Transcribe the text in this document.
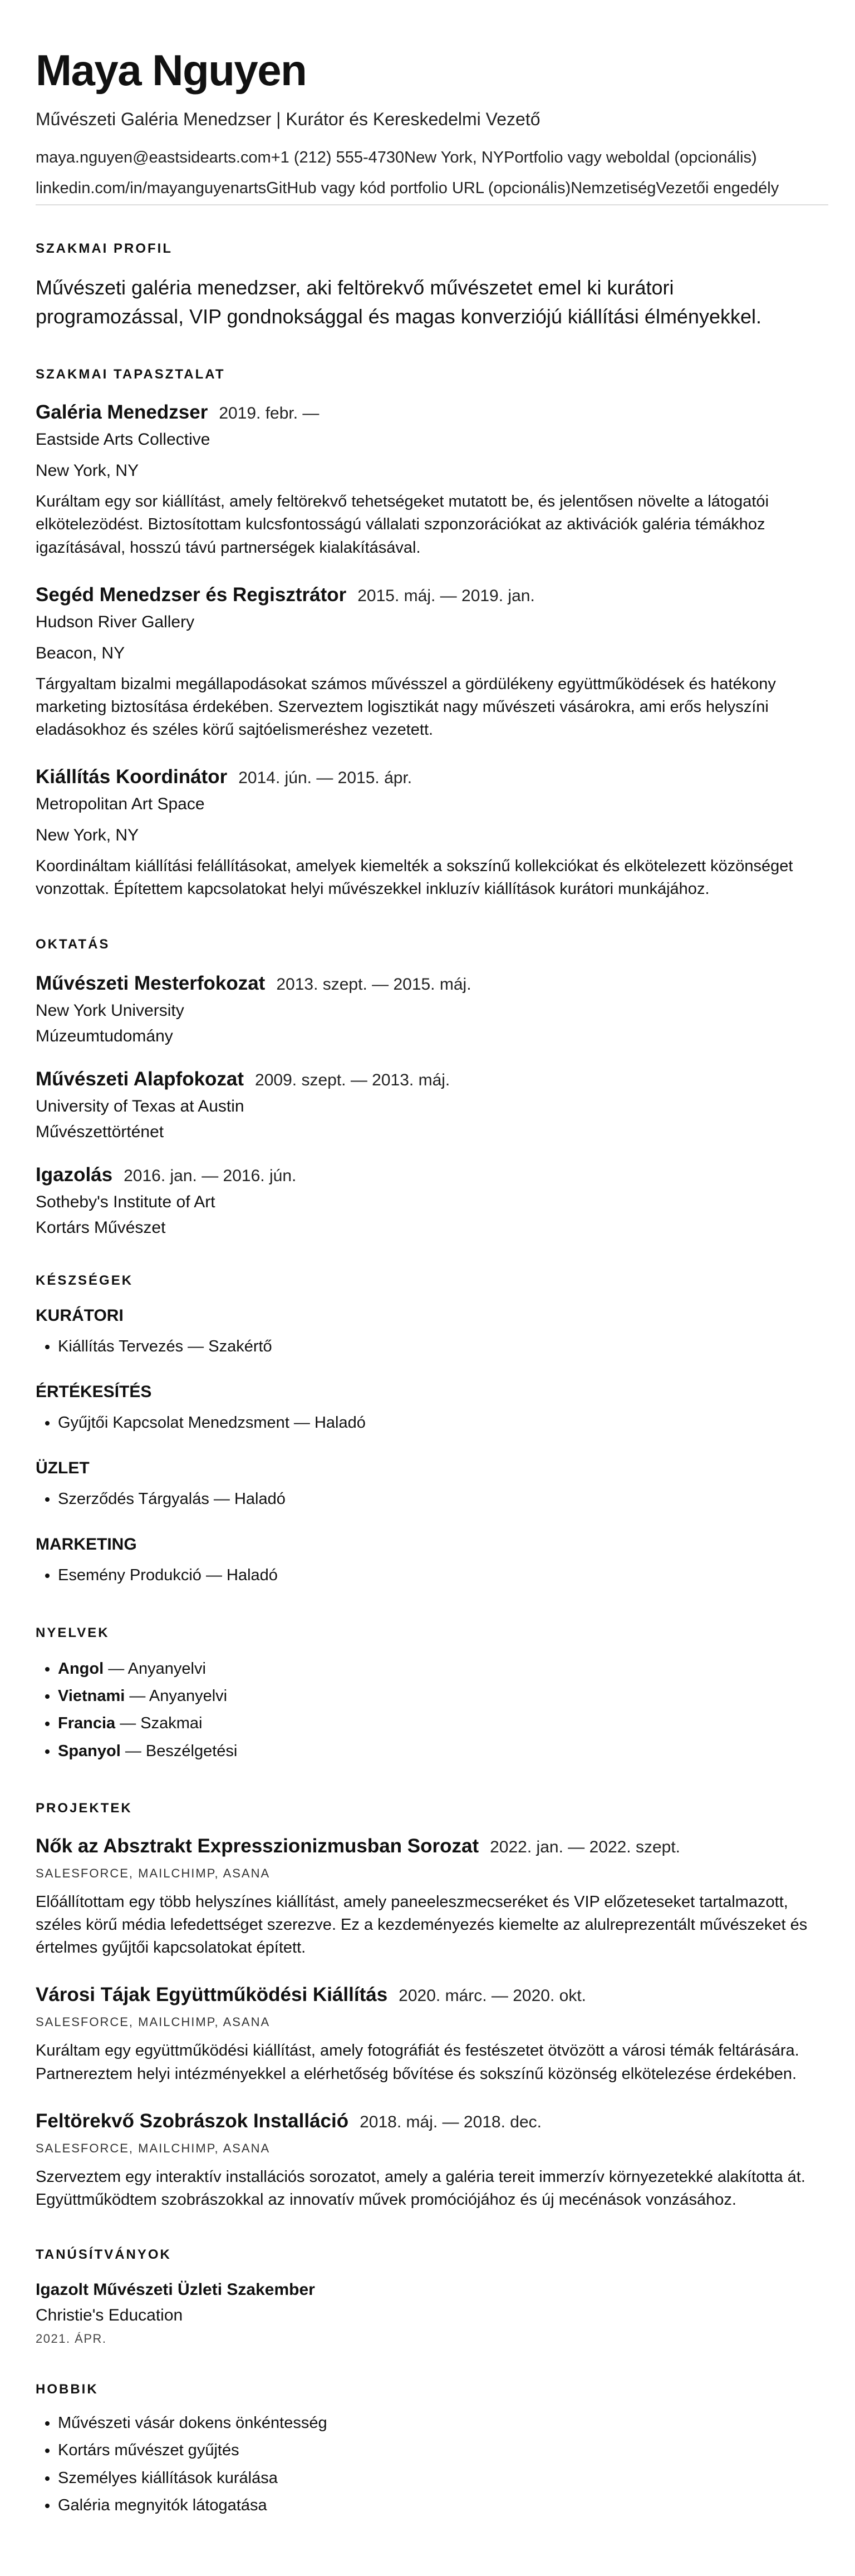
Maya Nguyen
Művészeti Galéria Menedzser | Kurátor és Kereskedelmi Vezető
maya.nguyen@eastsidearts.com+1 (212) 555-4730New York, NYPortfolio vagy weboldal (opcionális)
linkedin.com/in/mayanguyenartsGitHub vagy kód portfolio URL (opcionális)NemzetiségVezetői engedély
SZAKMAI PROFIL
Művészeti galéria menedzser, aki feltörekvő művészetet emel ki kurátori programozással, VIP gondnoksággal és magas konverziójú kiállítási élményekkel.
SZAKMAI TAPASZTALAT
Galéria Menedzser 2019. febr. —
Eastside Arts Collective
New York, NY
Kuráltam egy sor kiállítást, amely feltörekvő tehetségeket mutatott be, és jelentősen növelte a látogatói elkötelezödést. Biztosítottam kulcsfontosságú vállalati szponzorációkat az aktivációk galéria témákhoz igazításával, hosszú távú partnerségek kialakításával.
Segéd Menedzser és Regisztrátor 2015. máj. — 2019. jan.
Hudson River Gallery
Beacon, NY
Tárgyaltam bizalmi megállapodásokat számos művésszel a gördülékeny együttműködések és hatékony marketing biztosítása érdekében. Szerveztem logisztikát nagy művészeti vásárokra, ami erős helyszíni eladásokhoz és széles körű sajtóelismeréshez vezetett.
Kiállítás Koordinátor 2014. jún. — 2015. ápr.
Metropolitan Art Space
New York, NY
Koordináltam kiállítási felállításokat, amelyek kiemelték a sokszínű kollekciókat és elkötelezett közönséget vonzottak. Építettem kapcsolatokat helyi művészekkel inkluzív kiállítások kurátori munkájához.
OKTATÁS
Művészeti Mesterfokozat 2013. szept. — 2015. máj.
New York University
Múzeumtudomány
Művészeti Alapfokozat 2009. szept. — 2013. máj.
University of Texas at Austin
Művészettörténet
Igazolás 2016. jan. — 2016. jún.
Sotheby's Institute of Art
Kortárs Művészet
KÉSZSÉGEK
KURÁTORI
• Kiállítás Tervezés — Szakértő
ÉRTÉKESÍTÉS
• Gyűjtői Kapcsolat Menedzsment — Haladó
ÜZLET
• Szerződés Tárgyalás — Haladó
MARKETING
• Esemény Produkció — Haladó
NYELVEK
• Angol — Anyanyelvi
• Vietnami — Anyanyelvi
• Francia — Szakmai
• Spanyol — Beszélgetési
PROJEKTEK
Nők az Absztrakt Expresszionizmusban Sorozat 2022. jan. — 2022. szept.
SALESFORCE, MAILCHIMP, ASANA
Előállítottam egy több helyszínes kiállítást, amely paneeleszmecseréket és VIP előzeteseket tartalmazott, széles körű média lefedettséget szerezve. Ez a kezdeményezés kiemelte az alulreprezentált művészeket és értelmes gyűjtői kapcsolatokat épített.
Városi Tájak Együttműködési Kiállítás 2020. márc. — 2020. okt.
SALESFORCE, MAILCHIMP, ASANA
Kuráltam egy együttműködési kiállítást, amely fotográfiát és festészetet ötvözött a városi témák feltárására. Partnereztem helyi intézményekkel a elérhetőség bővítése és sokszínű közönség elkötelezése érdekében.
Feltörekvő Szobrászok Installáció 2018. máj. — 2018. dec.
SALESFORCE, MAILCHIMP, ASANA
Szerveztem egy interaktív installációs sorozatot, amely a galéria tereit immerzív környezetekké alakította át. Együttműködtem szobrászokkal az innovatív művek promóciójához és új mecénások vonzásához.
TANÚSÍTVÁNYOK
Igazolt Művészeti Üzleti Szakember
Christie's Education
2021. ÁPR.
HOBBIK
• Művészeti vásár dokens önkéntesség
• Kortárs művészet gyűjtés
• Személyes kiállítások kurálása
• Galéria megnyitók látogatása
